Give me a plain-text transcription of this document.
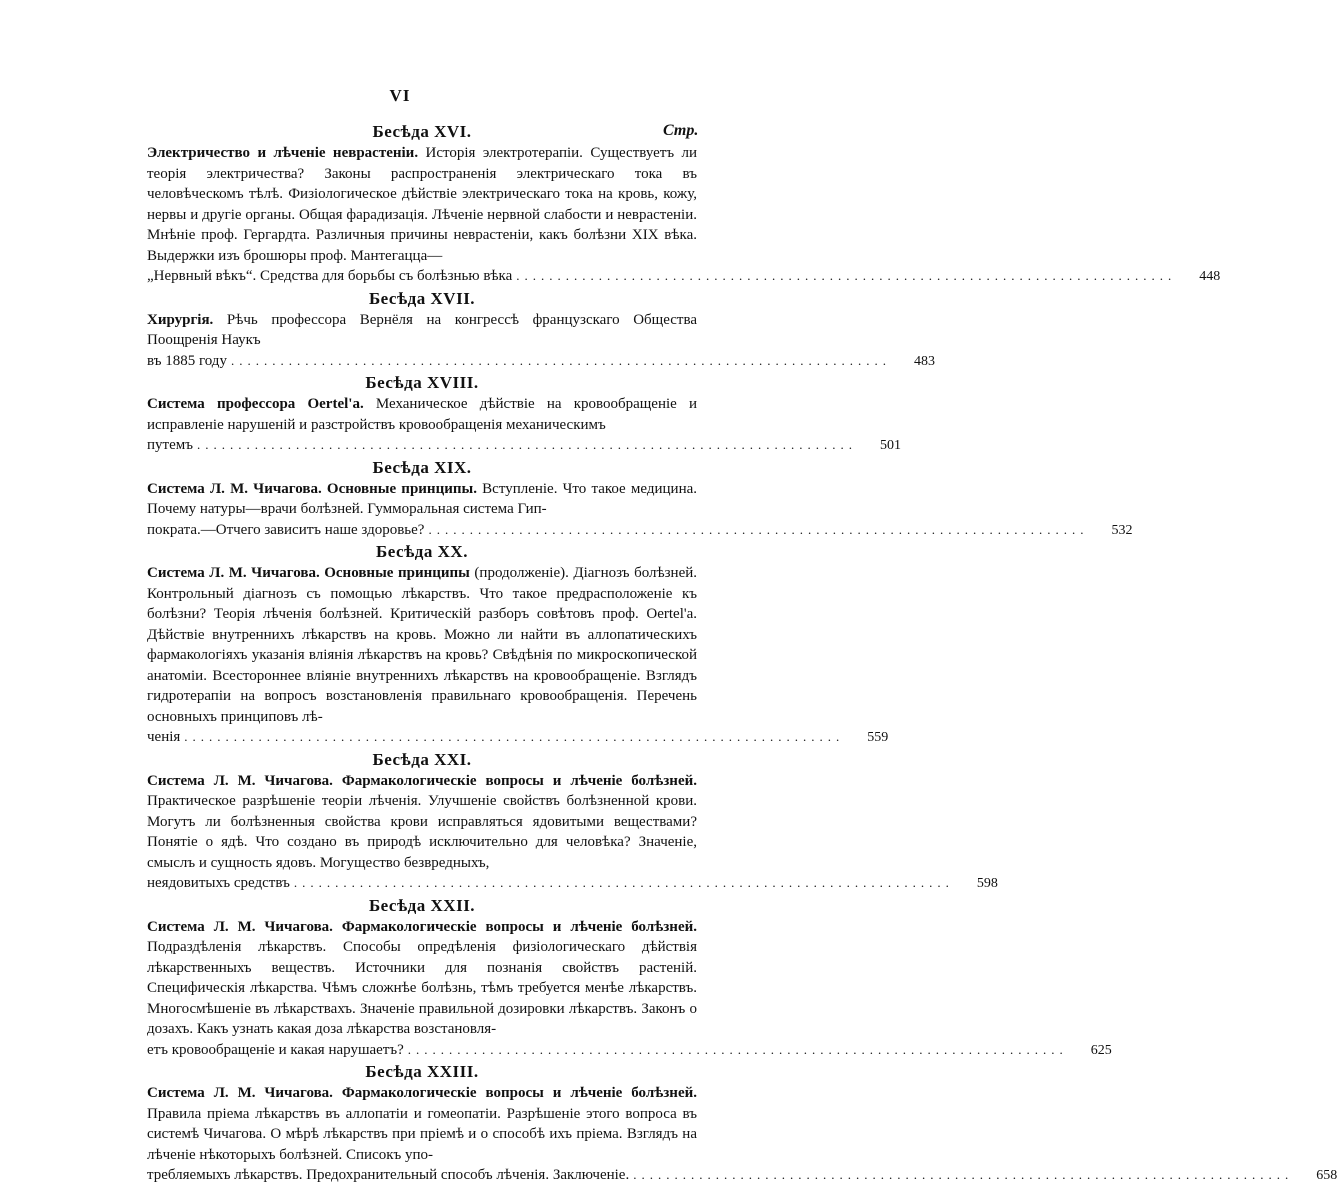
VI
Стр.
Бесѣда XVI.
Электричество и лѣченіе неврастеніи. Исторія электротерапіи. Существуетъ ли теорія электричества? Законы распространенія электрическаго тока въ человѣческомъ тѣлѣ. Физіологическое дѣйствіе электрическаго тока на кровь, кожу, нервы и другіе органы. Общая фарадизація. Лѣченіе нервной слабости и неврастеніи. Мнѣніе проф. Гергардта. Различныя причины неврастеніи, какъ болѣзни XIX вѣка. Выдержки изъ брошюры проф. Мантегацца—
„Нервный вѣкъ“. Средства для борьбы съ болѣзнью вѣка ................................................................................	448
Бесѣда XVII.
Хирургія. Рѣчь профессора Вернёля на конгрессѣ французскаго Общества Поощренія Наукъ
въ 1885 году ................................................................................	483
Бесѣда XVIII.
Система профессора Oertel'а. Механическое дѣйствіе на кровообращеніе и исправленіе нарушеній и разстройствъ кровообращенія механическимъ
путемъ ................................................................................	501
Бесѣда XIX.
Система Л. М. Чичагова. Основные принципы. Вступленіе. Что такое медицина. Почему натуры—врачи болѣзней. Гуммoральная система Гип-
пократа.—Отчего зависитъ наше здоровье? ................................................................................	532
Бесѣда XX.
Система Л. М. Чичагова. Основные принципы (продолженіе). Діагнозъ болѣзней. Контрольный діагнозъ съ помощью лѣкарствъ. Что такое предрасположеніе къ болѣзни? Теорія лѣченія болѣзней. Критическій разборъ совѣтовъ проф. Oertel'а. Дѣйствіе внутреннихъ лѣкарствъ на кровь. Можно ли найти въ аллопатическихъ фармакологіяхъ указанія вліянія лѣкарствъ на кровь? Свѣдѣнія по микроскопической анатоміи. Всестороннее вліяніе внутреннихъ лѣкарствъ на кровообращеніе. Взглядъ гидротерапіи на вопросъ возстановленія правильнаго кровообращенія. Перечень основныхъ принциповъ лѣ-
ченія ................................................................................	559
Бесѣда XXI.
Система Л. М. Чичагова. Фармакологическіе вопросы и лѣченіе болѣзней. Практическое разрѣшеніе теоріи лѣченія. Улучшеніе свойствъ болѣзненной крови. Могутъ ли болѣзненныя свойства крови исправляться ядовитыми веществами? Понятіе о ядѣ. Что создано въ природѣ исключительно для человѣка? Значеніе, смыслъ и сущность ядовъ. Могущество безвредныхъ,
неядовитыхъ средствъ ................................................................................	598
Бесѣда XXII.
Система Л. М. Чичагова. Фармакологическіе вопросы и лѣченіе болѣзней. Подраздѣленія лѣкарствъ. Способы опредѣленія физіологическаго дѣйствія лѣкарственныхъ веществъ. Источники для познанія свойствъ растеній. Специфическія лѣкарства. Чѣмъ сложнѣе болѣзнь, тѣмъ требуется менѣе лѣкарствъ. Многосмѣшеніе въ лѣкарствахъ. Значеніе правильной дозировки лѣкарствъ. Законъ о дозахъ. Какъ узнать какая доза лѣкарства возстановля-
етъ кровообращеніе и какая нарушаетъ? ................................................................................	625
Бесѣда XXIII.
Система Л. М. Чичагова. Фармакологическіе вопросы и лѣченіе болѣзней. Правила пріема лѣкарствъ въ аллопатіи и гомеопатіи. Разрѣшеніе этого вопроса въ системѣ Чичагова. О мѣрѣ лѣкарствъ при пріемѣ и о способѣ ихъ пріема. Взглядъ на лѣченіе нѣкоторыхъ болѣзней. Списокъ упо-
требляемыхъ лѣкарствъ. Предохранительный способъ лѣченія. Заключеніе. ................................................................................	658
